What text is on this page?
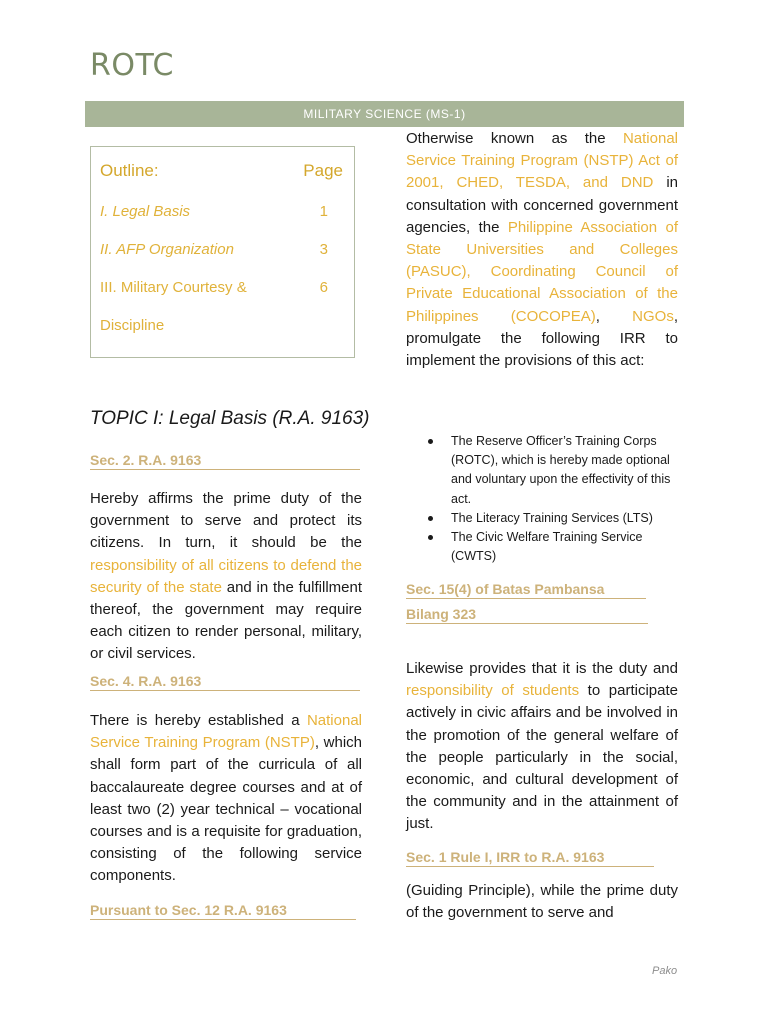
ROTC
MILITARY SCIENCE (MS-1)
Outline:	Page
I. Legal Basis	1
II. AFP Organization	3
III. Military Courtesy &	6
Discipline
TOPIC I: Legal Basis (R.A. 9163)
Sec. 2. R.A. 9163
Hereby affirms the prime duty of the government to serve and protect its citizens. In turn, it should be the responsibility of all citizens to defend the security of the state and in the fulfillment thereof, the government may require each citizen to render personal, military, or civil services.
Sec. 4. R.A. 9163
There is hereby established a National Service Training Program (NSTP), which shall form part of the curricula of all baccalaureate degree courses and at of least two (2) year technical – vocational courses and is a requisite for graduation, consisting of the following service components.
Pursuant to Sec. 12 R.A. 9163
Otherwise known as the National Service Training Program (NSTP) Act of 2001, CHED, TESDA, and DND in consultation with concerned government agencies, the Philippine Association of State Universities and Colleges (PASUC), Coordinating Council of Private Educational Association of the Philippines (COCOPEA), NGOs, promulgate the following IRR to implement the provisions of this act:
The Reserve Officer’s Training Corps (ROTC), which is hereby made optional and voluntary upon the effectivity of this act.
The Literacy Training Services (LTS)
The Civic Welfare Training Service (CWTS)
Sec. 15(4) of Batas Pambansa
Bilang 323
Likewise provides that it is the duty and responsibility of students to participate actively in civic affairs and be involved in the promotion of the general welfare of the people particularly in the social, economic, and cultural development of the community and in the attainment of just.
Sec. 1 Rule I, IRR to R.A. 9163
(Guiding Principle), while the prime duty of the government to serve and
Pako
